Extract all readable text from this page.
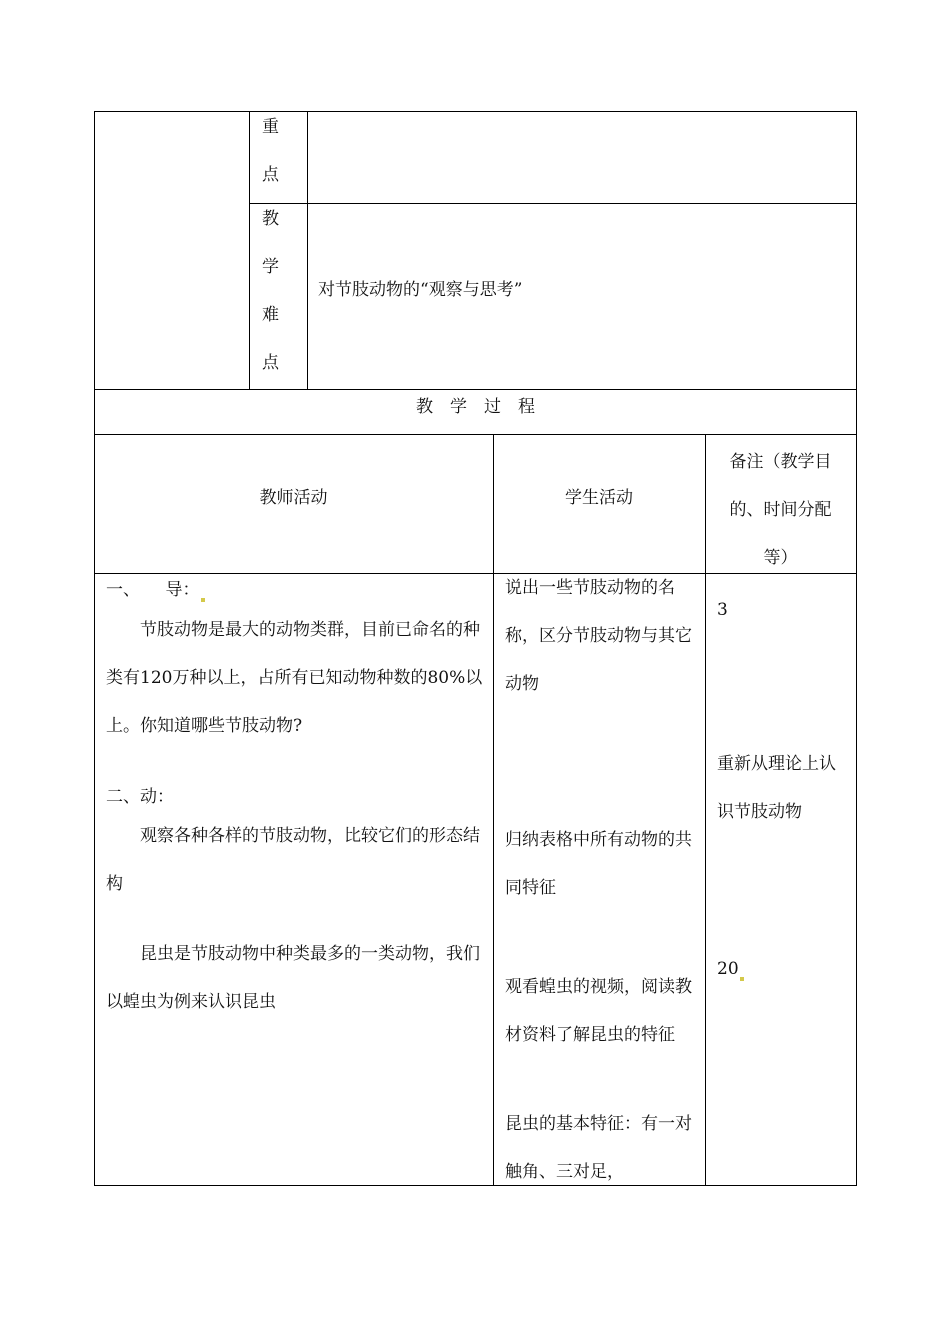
重
点
教
学
难
点
对节肢动物的“观察与思考”
教　学　过　程
教师活动	学生活动
备注（教学目
的、时间分配
等）
一、　　导：
节肢动物是最大的动物类群，目前已命名的种类有120万种以上，占所有已知动物种数的80%以上。你知道哪些节肢动物?
二、动：
观察各种各样的节肢动物，比较它们的形态结构
昆虫是节肢动物中种类最多的一类动物，我们以蝗虫为例来认识昆虫
说出一些节肢动物的名称，区分节肢动物与其它动物
归纳表格中所有动物的共同特征
观看蝗虫的视频，阅读教材资料了解昆虫的特征
昆虫的基本特征：有一对触角、三对足，
3
重新从理论上认识节肢动物
20
